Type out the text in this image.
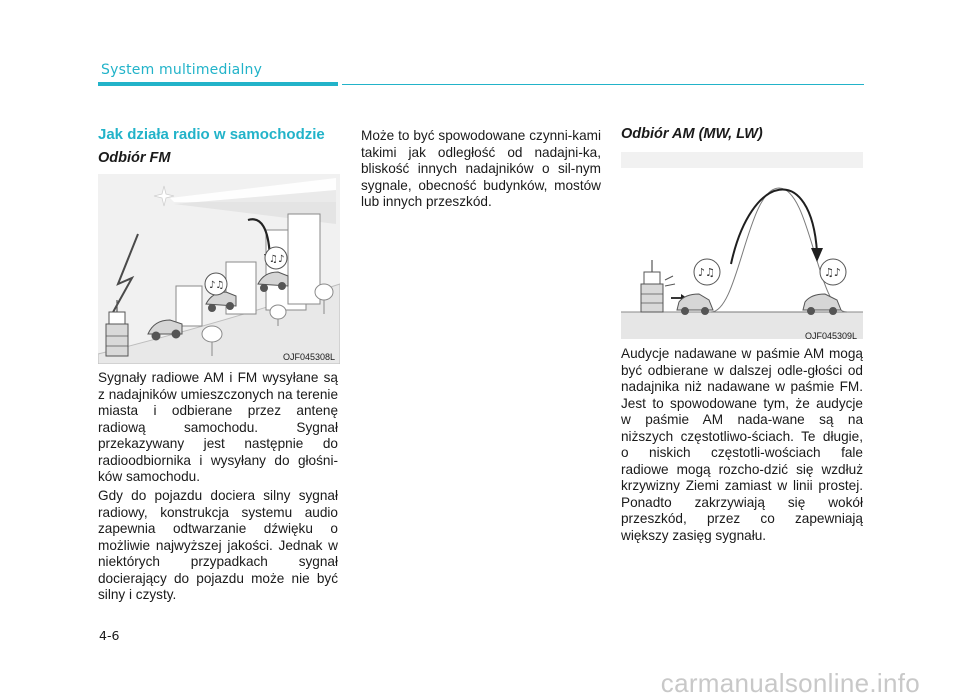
System multimedialny
Jak działa radio w samochodzie
Odbiór FM
♪♫
♫♪
OJF045308L

Sygnały radiowe AM i FM wysyłane są z nadajników umieszczonych na terenie miasta i odbierane przez antenę radiową samochodu. Sygnał przekazywany jest następnie do radioodbiornika i wysyłany do głośni-ków samochodu.

Gdy do pojazdu dociera silny sygnał radiowy, konstrukcja systemu audio zapewnia odtwarzanie dźwięku o możliwie najwyższej jakości. Jednak w niektórych przypadkach sygnał docierający do pojazdu może nie być silny i czysty.

Może to być spowodowane czynni-kami takimi jak odległość od nadajni-ka, bliskość innych nadajników o sil-nym sygnale, obecność budynków, mostów lub innych przeszkód.

Odbiór AM (MW, LW)
♪♫	♫♪
OJF045309L

Audycje nadawane w paśmie AM mogą być odbierane w dalszej odle-głości od nadajnika niż nadawane w paśmie FM. Jest to spowodowane tym, że audycje w paśmie AM nada-wane są na niższych częstotliwo-ściach. Te długie, o niskich częstotli-wościach fale radiowe mogą rozcho-dzić się wzdłuż krzywizny Ziemi zamiast w linii prostej. Ponadto zakrzywiają się wokół przeszkód, przez co zapewniają większy zasięg sygnału.

4-6
carmanualsonline.info
